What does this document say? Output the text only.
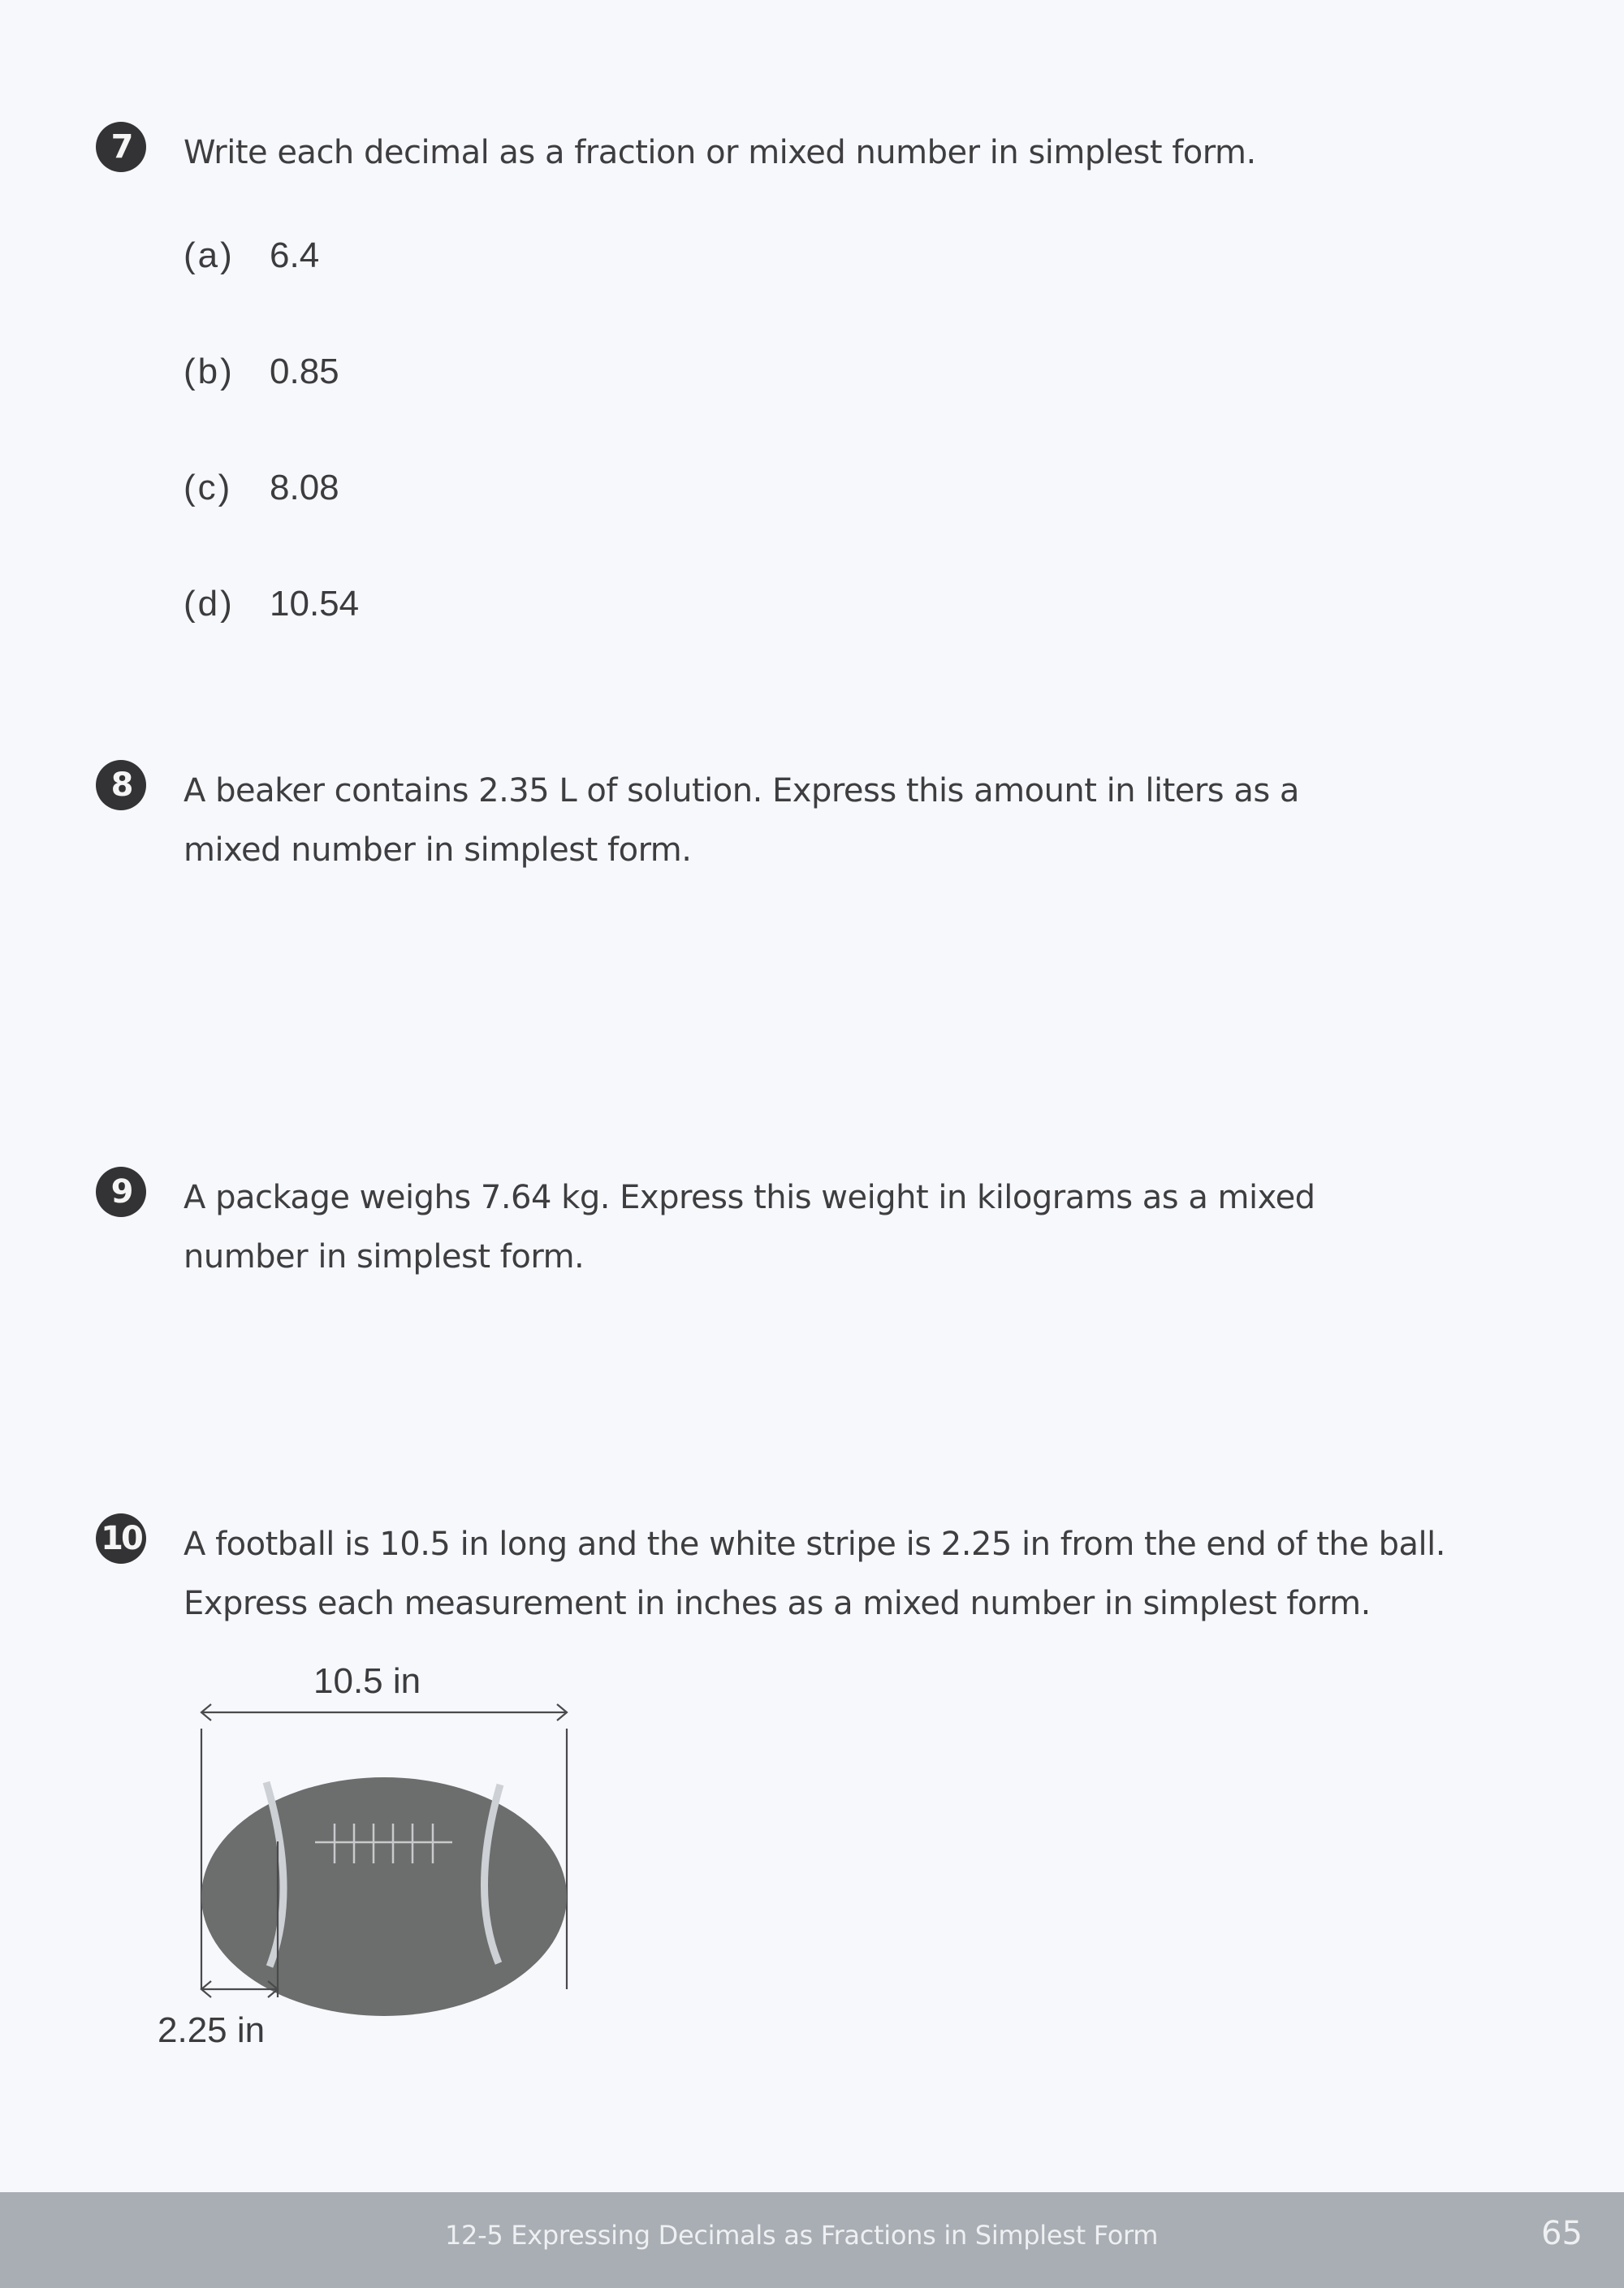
7	Write each decimal as a fraction or mixed number in simplest form.
(a) 6.4
(b) 0.85
(c) 8.08
(d) 10.54
8	A beaker contains 2.35 L of solution. Express this amount in liters as a
mixed number in simplest form.
9	A package weighs 7.64 kg. Express this weight in kilograms as a mixed
number in simplest form.
10 A football is 10.5 in long and the white stripe is 2.25 in from the end of the ball.
Express each measurement in inches as a mixed number in simplest form.
10.5 in
2.25 in
12-5 Expressing Decimals as Fractions in Simplest Form	65
